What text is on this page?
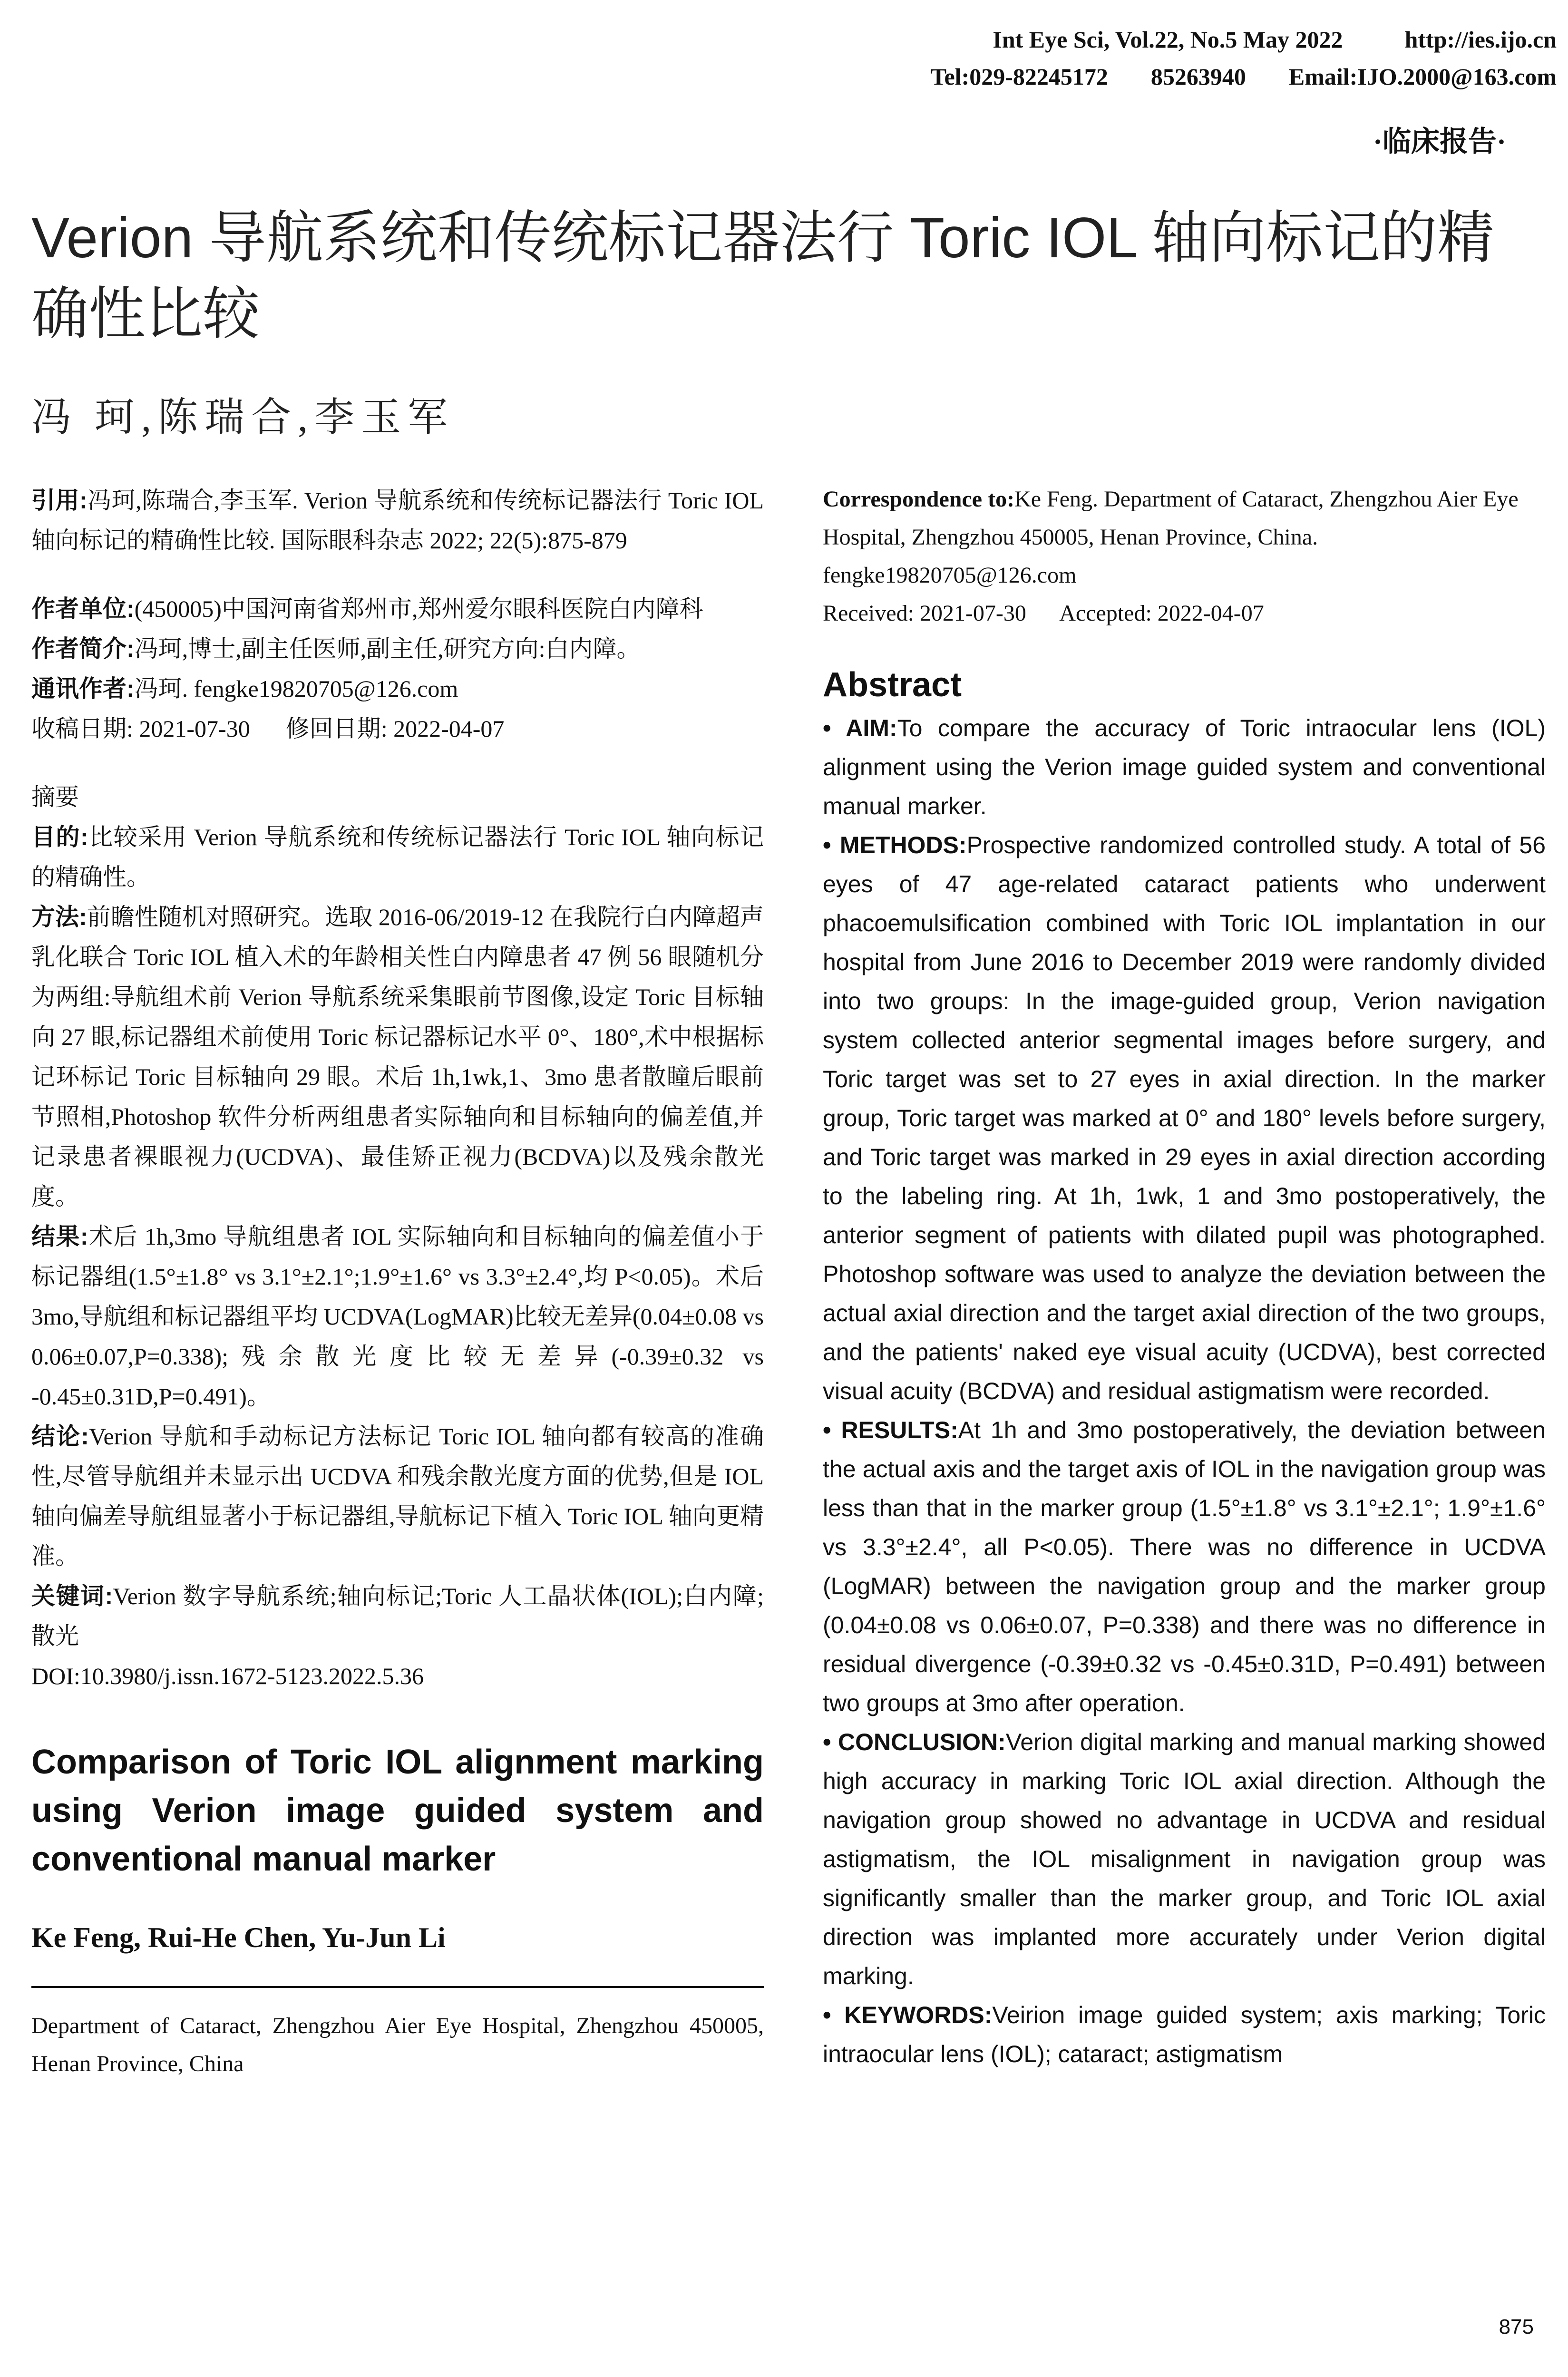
Int Eye Sci, Vol.22, No.5 May 2022	http://ies.ijo.cn
Tel:029-82245172 85263940 Email:IJO.2000@163.com
·临床报告·
Verion 导航系统和传统标记器法行 Toric IOL 轴向标记的精确性比较
冯 珂,陈瑞合,李玉军

引用:冯珂,陈瑞合,李玉军. Verion 导航系统和传统标记器法行 Toric IOL 轴向标记的精确性比较. 国际眼科杂志 2022; 22(5):875-879

作者单位:(450005)中国河南省郑州市,郑州爱尔眼科医院白内障科

作者简介:冯珂,博士,副主任医师,副主任,研究方向:白内障。

通讯作者:冯珂. fengke19820705@126.com

收稿日期: 2021-07-30      修回日期: 2022-04-07

摘要

目的:比较采用 Verion 导航系统和传统标记器法行 Toric IOL 轴向标记的精确性。

方法:前瞻性随机对照研究。选取 2016-06/2019-12 在我院行白内障超声乳化联合 Toric IOL 植入术的年龄相关性白内障患者 47 例 56 眼随机分为两组:导航组术前 Verion 导航系统采集眼前节图像,设定 Toric 目标轴向 27 眼,标记器组术前使用 Toric 标记器标记水平 0°、180°,术中根据标记环标记 Toric 目标轴向 29 眼。术后 1h,1wk,1、3mo 患者散瞳后眼前节照相,Photoshop 软件分析两组患者实际轴向和目标轴向的偏差值,并记录患者裸眼视力(UCDVA)、最佳矫正视力(BCDVA)以及残余散光度。

结果:术后 1h,3mo 导航组患者 IOL 实际轴向和目标轴向的偏差值小于标记器组(1.5°±1.8° vs 3.1°±2.1°;1.9°±1.6° vs 3.3°±2.4°,均 P<0.05)。术后 3mo,导航组和标记器组平均 UCDVA(LogMAR)比较无差异(0.04±0.08 vs 0.06±0.07,P=0.338);残余散光度比较无差异(-0.39±0.32 vs -0.45±0.31D,P=0.491)。

结论:Verion 导航和手动标记方法标记 Toric IOL 轴向都有较高的准确性,尽管导航组并未显示出 UCDVA 和残余散光度方面的优势,但是 IOL 轴向偏差导航组显著小于标记器组,导航标记下植入 Toric IOL 轴向更精准。

关键词:Verion 数字导航系统;轴向标记;Toric 人工晶状体(IOL);白内障;散光

DOI:10.3980/j.issn.1672-5123.2022.5.36

Comparison of Toric IOL alignment marking using Verion image guided system and conventional manual marker
Ke Feng, Rui-He Chen, Yu-Jun Li
Department of Cataract, Zhengzhou Aier Eye Hospital, Zhengzhou 450005, Henan Province, China

Correspondence to:Ke Feng. Department of Cataract, Zhengzhou Aier Eye Hospital, Zhengzhou 450005, Henan Province, China. fengke19820705@126.com

Received: 2021-07-30      Accepted: 2022-04-07

Abstract

• AIM:To compare the accuracy of Toric intraocular lens (IOL) alignment using the Verion image guided system and conventional manual marker.

• METHODS:Prospective randomized controlled study. A total of 56 eyes of 47 age-related cataract patients who underwent phacoemulsification combined with Toric IOL implantation in our hospital from June 2016 to December 2019 were randomly divided into two groups: In the image-guided group, Verion navigation system collected anterior segmental images before surgery, and Toric target was set to 27 eyes in axial direction. In the marker group, Toric target was marked at 0° and 180° levels before surgery, and Toric target was marked in 29 eyes in axial direction according to the labeling ring. At 1h, 1wk, 1 and 3mo postoperatively, the anterior segment of patients with dilated pupil was photographed. Photoshop software was used to analyze the deviation between the actual axial direction and the target axial direction of the two groups, and the patients' naked eye visual acuity (UCDVA), best corrected visual acuity (BCDVA) and residual astigmatism were recorded.

• RESULTS:At 1h and 3mo postoperatively, the deviation between the actual axis and the target axis of IOL in the navigation group was less than that in the marker group (1.5°±1.8° vs 3.1°±2.1°; 1.9°±1.6° vs 3.3°±2.4°, all P<0.05). There was no difference in UCDVA (LogMAR) between the navigation group and the marker group (0.04±0.08 vs 0.06±0.07, P=0.338) and there was no difference in residual divergence (-0.39±0.32 vs -0.45±0.31D, P=0.491) between two groups at 3mo after operation.

• CONCLUSION:Verion digital marking and manual marking showed high accuracy in marking Toric IOL axial direction. Although the navigation group showed no advantage in UCDVA and residual astigmatism, the IOL misalignment in navigation group was significantly smaller than the marker group, and Toric IOL axial direction was implanted more accurately under Verion digital marking.

• KEYWORDS:Veirion image guided system; axis marking; Toric intraocular lens (IOL); cataract; astigmatism

875
